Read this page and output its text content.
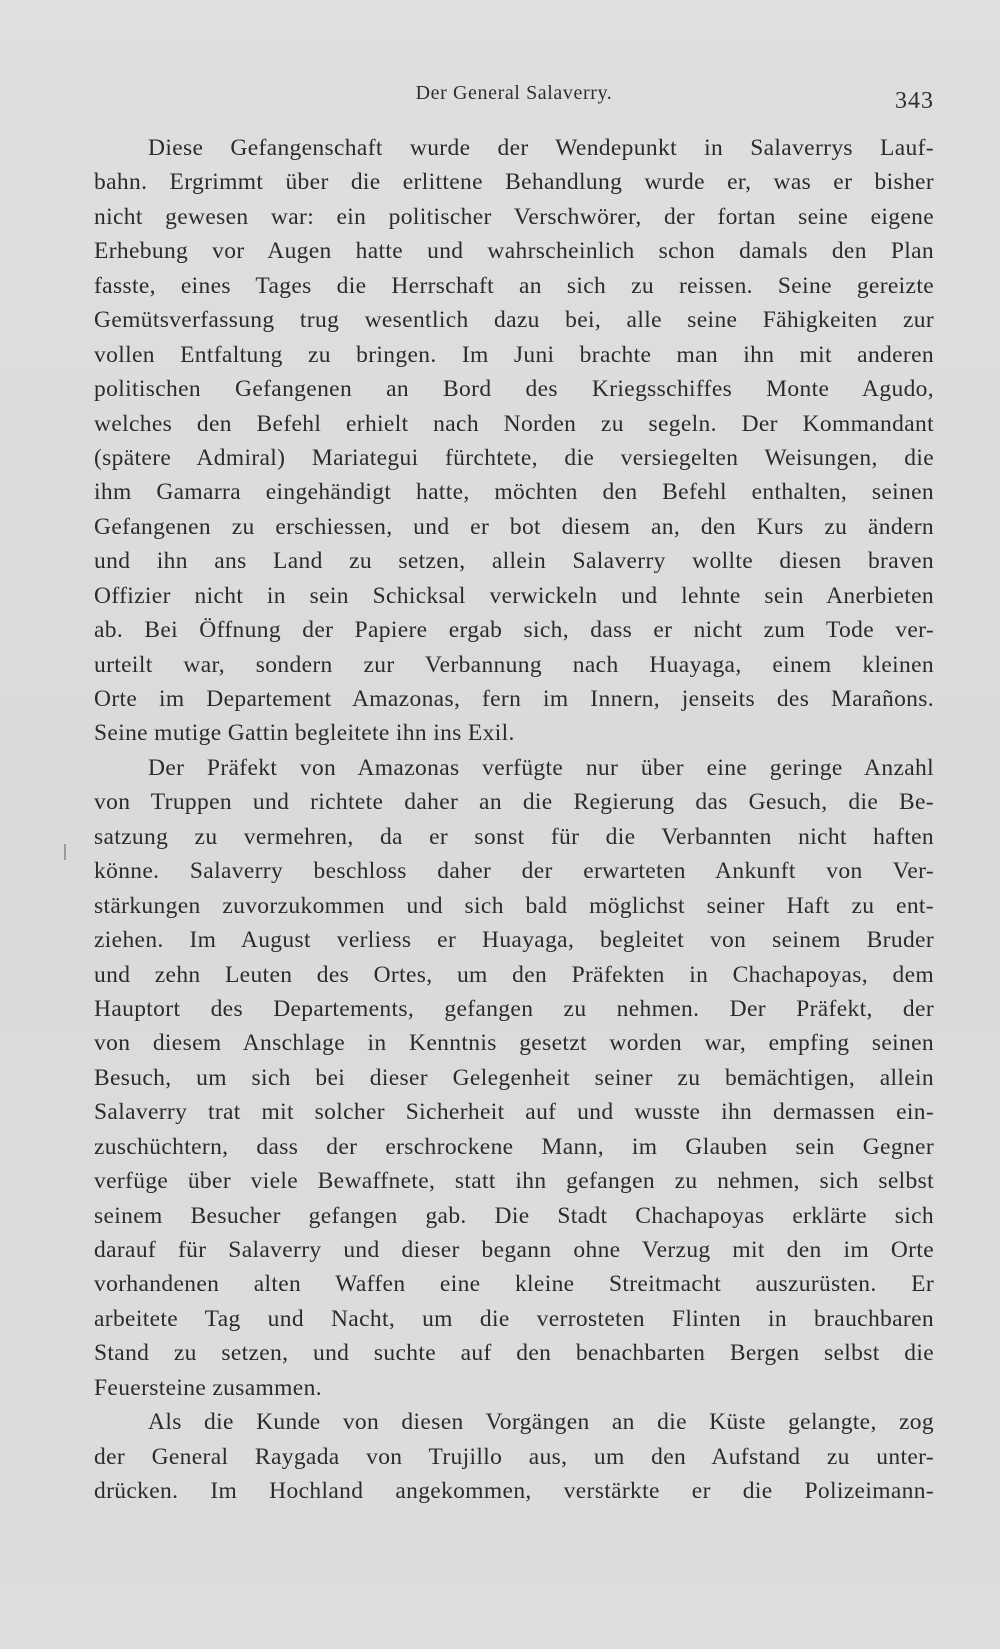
Der General Salaverry.	343
Diese Gefangenschaft wurde der Wendepunkt in Salaverrys Lauf-
bahn. Ergrimmt über die erlittene Behandlung wurde er, was er bisher
nicht gewesen war: ein politischer Verschwörer, der fortan seine eigene
Erhebung vor Augen hatte und wahrscheinlich schon damals den Plan
fasste, eines Tages die Herrschaft an sich zu reissen. Seine gereizte
Gemütsverfassung trug wesentlich dazu bei, alle seine Fähigkeiten zur
vollen Entfaltung zu bringen. Im Juni brachte man ihn mit anderen
politischen Gefangenen an Bord des Kriegsschiffes Monte Agudo,
welches den Befehl erhielt nach Norden zu segeln. Der Kommandant
(spätere Admiral) Mariategui fürchtete, die versiegelten Weisungen, die
ihm Gamarra eingehändigt hatte, möchten den Befehl enthalten, seinen
Gefangenen zu erschiessen, und er bot diesem an, den Kurs zu ändern
und ihn ans Land zu setzen, allein Salaverry wollte diesen braven
Offizier nicht in sein Schicksal verwickeln und lehnte sein Anerbieten
ab. Bei Öffnung der Papiere ergab sich, dass er nicht zum Tode ver-
urteilt war, sondern zur Verbannung nach Huayaga, einem kleinen
Orte im Departement Amazonas, fern im Innern, jenseits des Marañons.
Seine mutige Gattin begleitete ihn ins Exil.
Der Präfekt von Amazonas verfügte nur über eine geringe Anzahl
von Truppen und richtete daher an die Regierung das Gesuch, die Be-
satzung zu vermehren, da er sonst für die Verbannten nicht haften
könne. Salaverry beschloss daher der erwarteten Ankunft von Ver-
stärkungen zuvorzukommen und sich bald möglichst seiner Haft zu ent-
ziehen. Im August verliess er Huayaga, begleitet von seinem Bruder
und zehn Leuten des Ortes, um den Präfekten in Chachapoyas, dem
Hauptort des Departements, gefangen zu nehmen. Der Präfekt, der
von diesem Anschlage in Kenntnis gesetzt worden war, empfing seinen
Besuch, um sich bei dieser Gelegenheit seiner zu bemächtigen, allein
Salaverry trat mit solcher Sicherheit auf und wusste ihn dermassen ein-
zuschüchtern, dass der erschrockene Mann, im Glauben sein Gegner
verfüge über viele Bewaffnete, statt ihn gefangen zu nehmen, sich selbst
seinem Besucher gefangen gab. Die Stadt Chachapoyas erklärte sich
darauf für Salaverry und dieser begann ohne Verzug mit den im Orte
vorhandenen alten Waffen eine kleine Streitmacht auszurüsten. Er
arbeitete Tag und Nacht, um die verrosteten Flinten in brauchbaren
Stand zu setzen, und suchte auf den benachbarten Bergen selbst die
Feuersteine zusammen.
Als die Kunde von diesen Vorgängen an die Küste gelangte, zog
der General Raygada von Trujillo aus, um den Aufstand zu unter-
drücken. Im Hochland angekommen, verstärkte er die Polizeimann-
